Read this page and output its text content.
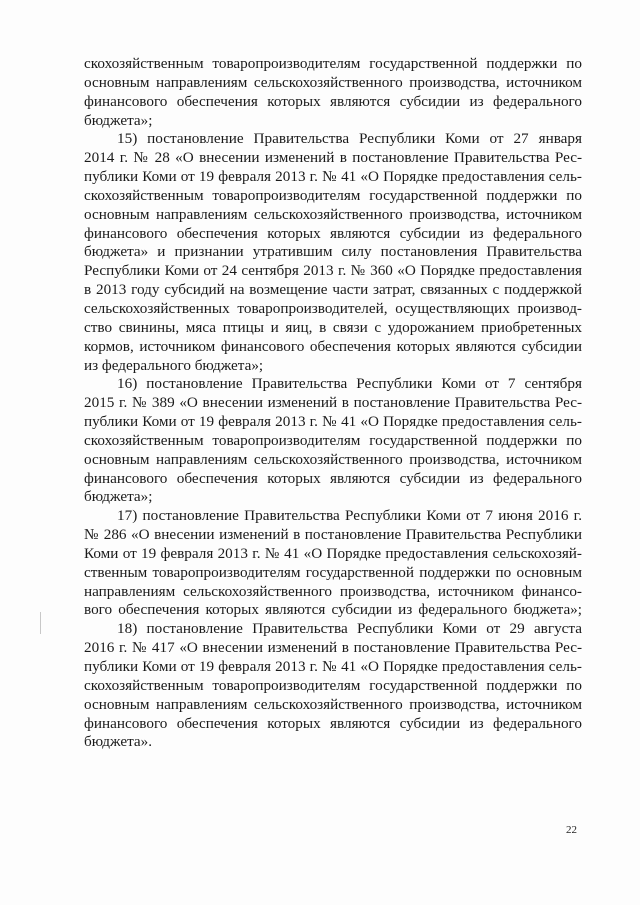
скохозяйственным товаропроизводителям государственной поддержки по
основным направлениям сельскохозяйственного производства, источником
финансового обеспечения которых являются субсидии из федерального
бюджета»;
15) постановление Правительства Республики Коми от 27 января
2014 г. № 28 «О внесении изменений в постановление Правительства Рес-
публики Коми от 19 февраля 2013 г. № 41 «О Порядке предоставления сель-
скохозяйственным товаропроизводителям государственной поддержки по
основным направлениям сельскохозяйственного производства, источником
финансового обеспечения которых являются субсидии из федерального
бюджета» и признании утратившим силу постановления Правительства
Республики Коми от 24 сентября 2013 г. № 360 «О Порядке предоставления
в 2013 году субсидий на возмещение части затрат, связанных с поддержкой
сельскохозяйственных товаропроизводителей, осуществляющих производ-
ство свинины, мяса птицы и яиц, в связи с удорожанием приобретенных
кормов, источником финансового обеспечения которых являются субсидии
из федерального бюджета»;
16) постановление Правительства Республики Коми от 7 сентября
2015 г. № 389 «О внесении изменений в постановление Правительства Рес-
публики Коми от 19 февраля 2013 г. № 41 «О Порядке предоставления сель-
скохозяйственным товаропроизводителям государственной поддержки по
основным направлениям сельскохозяйственного производства, источником
финансового обеспечения которых являются субсидии из федерального
бюджета»;
17) постановление Правительства Республики Коми от 7 июня 2016 г.
№ 286 «О внесении изменений в постановление Правительства Республики
Коми от 19 февраля 2013 г. № 41 «О Порядке предоставления сельскохозяй-
ственным товаропроизводителям государственной поддержки по основным
направлениям сельскохозяйственного производства, источником финансо-
вого обеспечения которых являются субсидии из федерального бюджета»;
18) постановление Правительства Республики Коми от 29 августа
2016 г. № 417 «О внесении изменений в постановление Правительства Рес-
публики Коми от 19 февраля 2013 г. № 41 «О Порядке предоставления сель-
скохозяйственным товаропроизводителям государственной поддержки по
основным направлениям сельскохозяйственного производства, источником
финансового обеспечения которых являются субсидии из федерального
бюджета».
22
